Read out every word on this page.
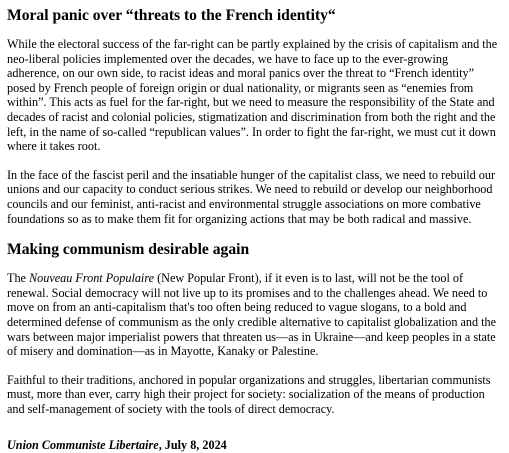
Moral panic over “threats to the French identity“

While the electoral success of the far-right can be partly explained by the crisis of capitalism and the neo-liberal policies implemented over the decades, we have to face up to the ever-growing adherence, on our own side, to racist ideas and moral panics over the threat to “French identity” posed by French people of foreign origin or dual nationality, or migrants seen as “enemies from within”. This acts as fuel for the far-right, but we need to measure the responsibility of the State and decades of racist and colonial policies, stigmatization and discrimination from both the right and the left, in the name of so-called “republican values”. In order to fight the far-right, we must cut it down where it takes root.

In the face of the fascist peril and the insatiable hunger of the capitalist class, we need to rebuild our unions and our capacity to conduct serious strikes. We need to rebuild or develop our neighborhood councils and our feminist, anti-racist and environmental struggle associations on more combative foundations so as to make them fit for organizing actions that may be both radical and massive.

Making communism desirable again

The Nouveau Front Populaire (New Popular Front), if it even is to last, will not be the tool of renewal. Social democracy will not live up to its promises and to the challenges ahead. We need to move on from an anti-capitalism that's too often being reduced to vague slogans, to a bold and determined defense of communism as the only credible alternative to capitalist globalization and the wars between major imperialist powers that threaten us—as in Ukraine—and keep peoples in a state of misery and domination—as in Mayotte, Kanaky or Palestine.

Faithful to their traditions, anchored in popular organizations and struggles, libertarian communists must, more than ever, carry high their project for society: socialization of the means of production and self-management of society with the tools of direct democracy.

Union Communiste Libertaire, July 8, 2024
